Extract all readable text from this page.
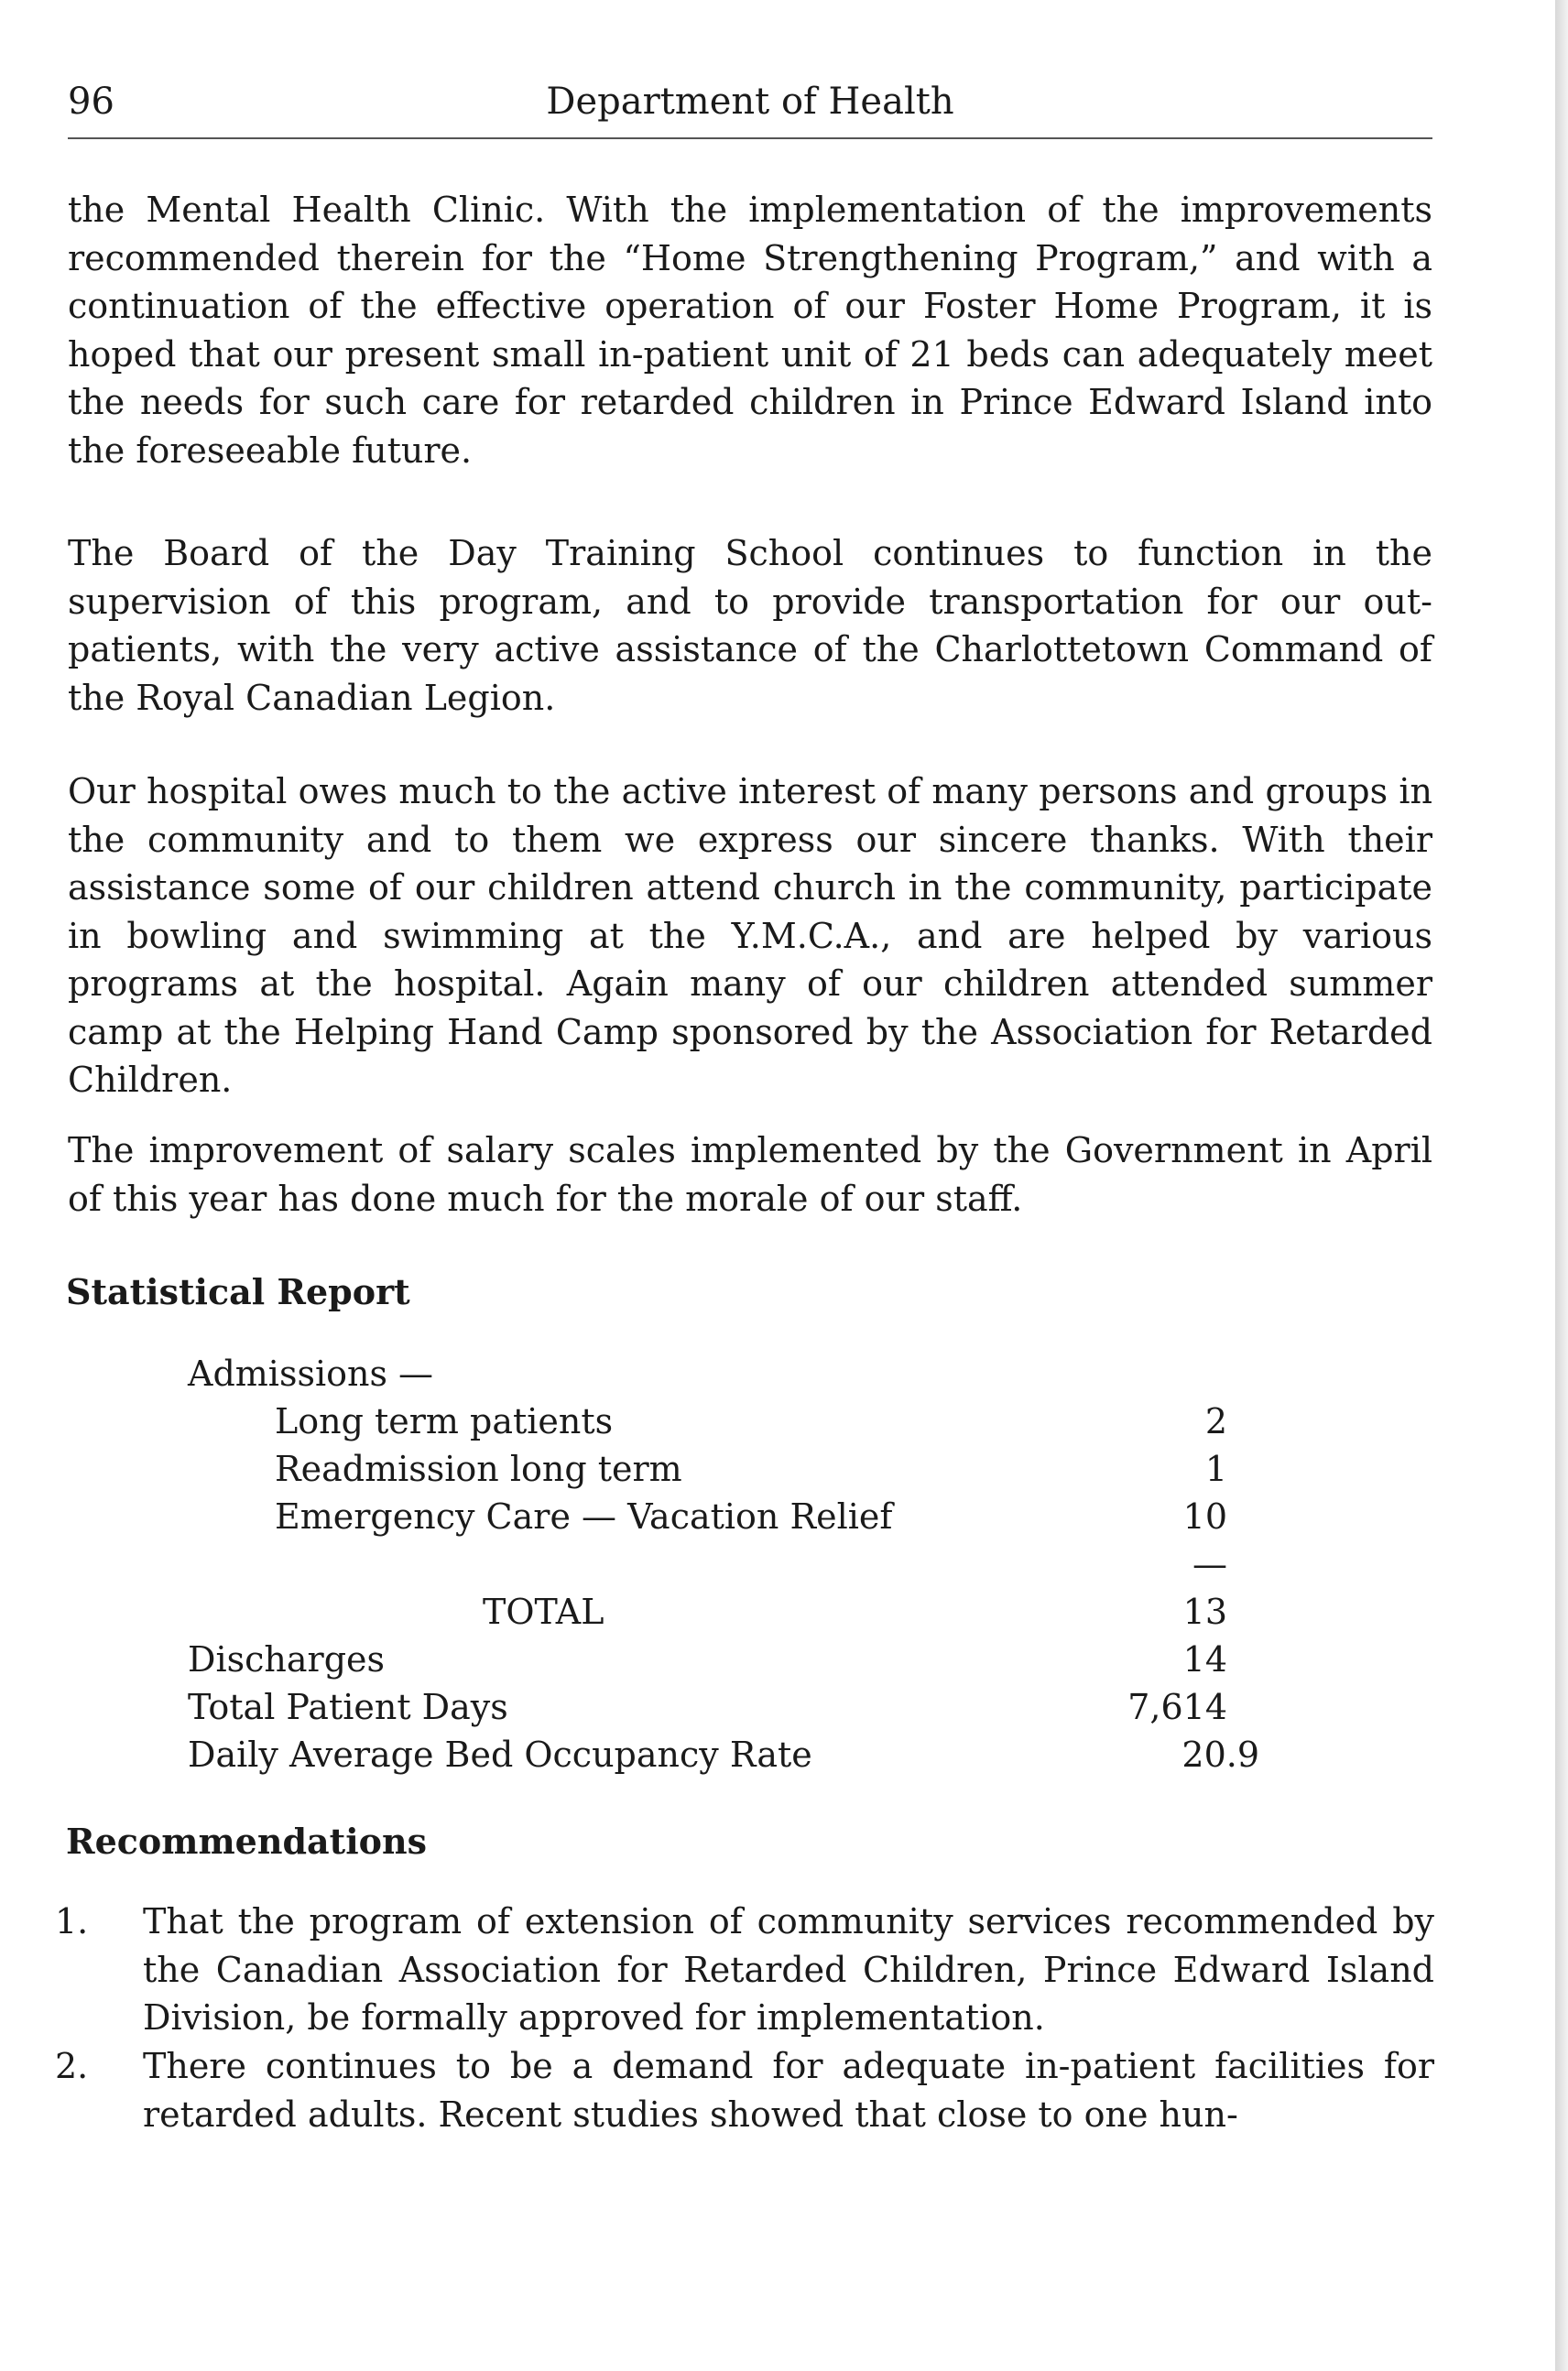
96	Department of Health

the Mental Health Clinic. With the implementation of the improvements recommended therein for the “Home Strengthening Program,” and with a continuation of the effective operation of our Foster Home Program, it is hoped that our present small in-patient unit of 21 beds can adequately meet the needs for such care for retarded children in Prince Edward Island into the foreseeable future.

The Board of the Day Training School continues to function in the supervision of this program, and to provide transportation for our out-patients, with the very active assistance of the Charlottetown Command of the Royal Canadian Legion.

Our hospital owes much to the active interest of many persons and groups in the community and to them we express our sincere thanks. With their assistance some of our children attend church in the community, participate in bowling and swimming at the Y.M.C.A., and are helped by various programs at the hospital. Again many of our children attended summer camp at the Helping Hand Camp sponsored by the Association for Retarded Children.

The improvement of salary scales implemented by the Government in April of this year has done much for the morale of our staff.

Statistical Report
Admissions —
Long term patients	2
Readmission long term	1
Emergency Care — Vacation Relief	10
—
TOTAL	13
Discharges	14
Total Patient Days	7,614
Daily Average Bed Occupancy Rate	20.9
Recommendations
1.	That the program of extension of community services recommended by the Canadian Association for Retarded Children, Prince Edward Island Division, be formally approved for implementation.
2.	There continues to be a demand for adequate in-patient facilities for retarded adults. Recent studies showed that close to one hun-
